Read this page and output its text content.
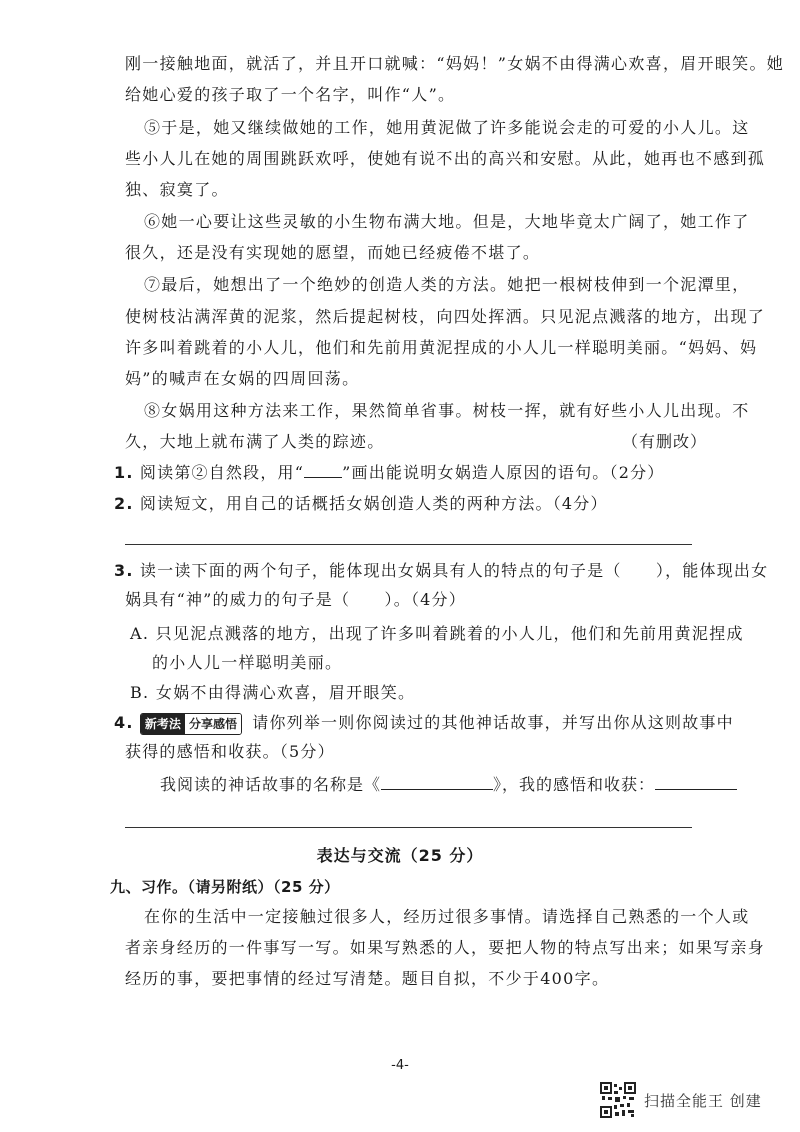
刚一接触地面，就活了，并且开口就喊：“妈妈！”女娲不由得满心欢喜，眉开眼笑。她
给她心爱的孩子取了一个名字，叫作“人”。
⑤于是，她又继续做她的工作，她用黄泥做了许多能说会走的可爱的小人儿。这
些小人儿在她的周围跳跃欢呼，使她有说不出的高兴和安慰。从此，她再也不感到孤
独、寂寞了。
⑥她一心要让这些灵敏的小生物布满大地。但是，大地毕竟太广阔了，她工作了
很久，还是没有实现她的愿望，而她已经疲倦不堪了。
⑦最后，她想出了一个绝妙的创造人类的方法。她把一根树枝伸到一个泥潭里，
使树枝沾满浑黄的泥浆，然后提起树枝，向四处挥洒。只见泥点溅落的地方，出现了
许多叫着跳着的小人儿，他们和先前用黄泥捏成的小人儿一样聪明美丽。“妈妈、妈
妈”的喊声在女娲的四周回荡。
⑧女娲用这种方法来工作，果然简单省事。树枝一挥，就有好些小人儿出现。不
久，大地上就布满了人类的踪迹。	（有删改）
1. 阅读第②自然段，用“ ”画出能说明女娲造人原因的语句。（2分）
2. 阅读短文，用自己的话概括女娲创造人类的两种方法。（4分）
3. 读一读下面的两个句子，能体现出女娲具有人的特点的句子是（　　），能体现出女
娲具有“神”的威力的句子是（　　）。（4分）
A. 只见泥点溅落的地方，出现了许多叫着跳着的小人儿，他们和先前用黄泥捏成
的小人儿一样聪明美丽。
B. 女娲不由得满心欢喜，眉开眼笑。
4. 新考法 分享感悟 请你列举一则你阅读过的其他神话故事，并写出你从这则故事中
获得的感悟和收获。（5分）
我阅读的神话故事的名称是《	》，我的感悟和收获：
表达与交流（25 分）
九、习作。（请另附纸）（25 分）
在你的生活中一定接触过很多人，经历过很多事情。请选择自己熟悉的一个人或
者亲身经历的一件事写一写。如果写熟悉的人，要把人物的特点写出来；如果写亲身
经历的事，要把事情的经过写清楚。题目自拟，不少于400字。
-4-
扫描全能王 创建
